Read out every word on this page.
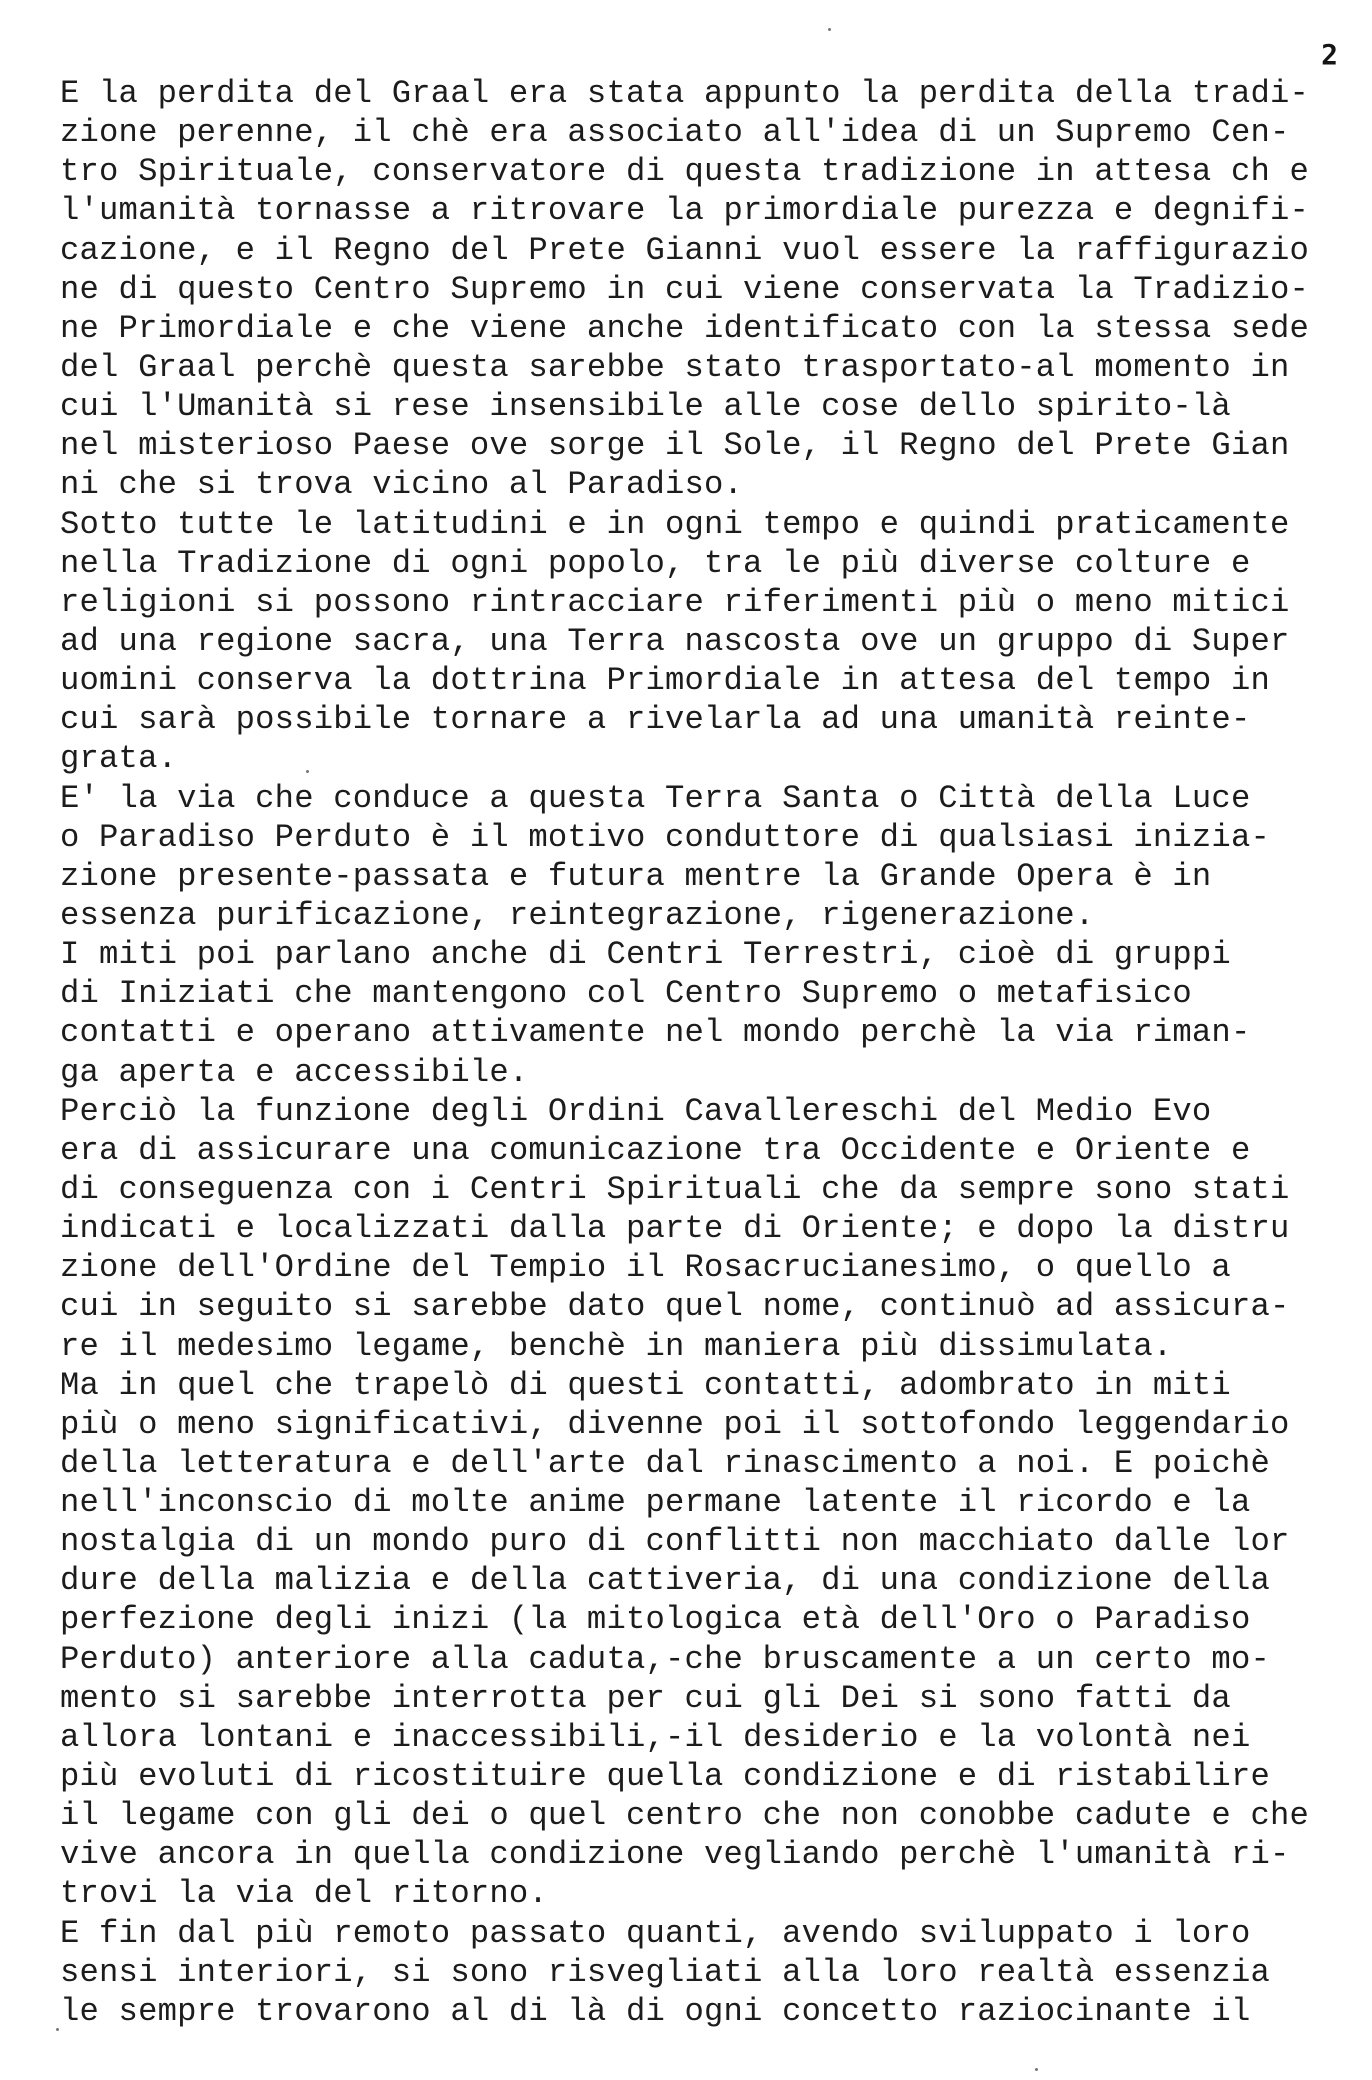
2
E la perdita del Graal era stata appunto la perdita della tradi-
zione perenne, il chè era associato all'idea di un Supremo Cen-
tro Spirituale, conservatore di questa tradizione in attesa ch e
l'umanità tornasse a ritrovare la primordiale purezza e degnifi-
cazione, e il Regno del Prete Gianni vuol essere la raffigurazio
ne di questo Centro Supremo in cui viene conservata la Tradizio-
ne Primordiale e che viene anche identificato con la stessa sede
del Graal perchè questa sarebbe stato trasportato-al momento in
cui l'Umanità si rese insensibile alle cose dello spirito-là
nel misterioso Paese ove sorge il Sole, il Regno del Prete Gian
ni che si trova vicino al Paradiso.
Sotto tutte le latitudini e in ogni tempo e quindi praticamente
nella Tradizione di ogni popolo, tra le più diverse colture e
religioni si possono rintracciare riferimenti più o meno mitici
ad una regione sacra, una Terra nascosta ove un gruppo di Super
uomini conserva la dottrina Primordiale in attesa del tempo in
cui sarà possibile tornare a rivelarla ad una umanità reinte-
grata.
E' la via che conduce a questa Terra Santa o Città della Luce
o Paradiso Perduto è il motivo conduttore di qualsiasi inizia-
zione presente-passata e futura mentre la Grande Opera è in
essenza purificazione, reintegrazione, rigenerazione.
I miti poi parlano anche di Centri Terrestri, cioè di gruppi
di Iniziati che mantengono col Centro Supremo o metafisico
contatti e operano attivamente nel mondo perchè la via riman-
ga aperta e accessibile.
Perciò la funzione degli Ordini Cavallereschi del Medio Evo
era di assicurare una comunicazione tra Occidente e Oriente e
di conseguenza con i Centri Spirituali che da sempre sono stati
indicati e localizzati dalla parte di Oriente; e dopo la distru
zione dell'Ordine del Tempio il Rosacrucianesimo, o quello a
cui in seguito si sarebbe dato quel nome, continuò ad assicura-
re il medesimo legame, benchè in maniera più dissimulata.
Ma in quel che trapelò di questi contatti, adombrato in miti
più o meno significativi, divenne poi il sottofondo leggendario
della letteratura e dell'arte dal rinascimento a noi. E poichè
nell'inconscio di molte anime permane latente il ricordo e la
nostalgia di un mondo puro di conflitti non macchiato dalle lor
dure della malizia e della cattiveria, di una condizione della
perfezione degli inizi (la mitologica età dell'Oro o Paradiso
Perduto) anteriore alla caduta,-che bruscamente a un certo mo-
mento si sarebbe interrotta per cui gli Dei si sono fatti da
allora lontani e inaccessibili,-il desiderio e la volontà nei
più evoluti di ricostituire quella condizione e di ristabilire
il legame con gli dei o quel centro che non conobbe cadute e che
vive ancora in quella condizione vegliando perchè l'umanità ri-
trovi la via del ritorno.
E fin dal più remoto passato quanti, avendo sviluppato i loro
sensi interiori, si sono risvegliati alla loro realtà essenzia
le sempre trovarono al di là di ogni concetto raziocinante il
